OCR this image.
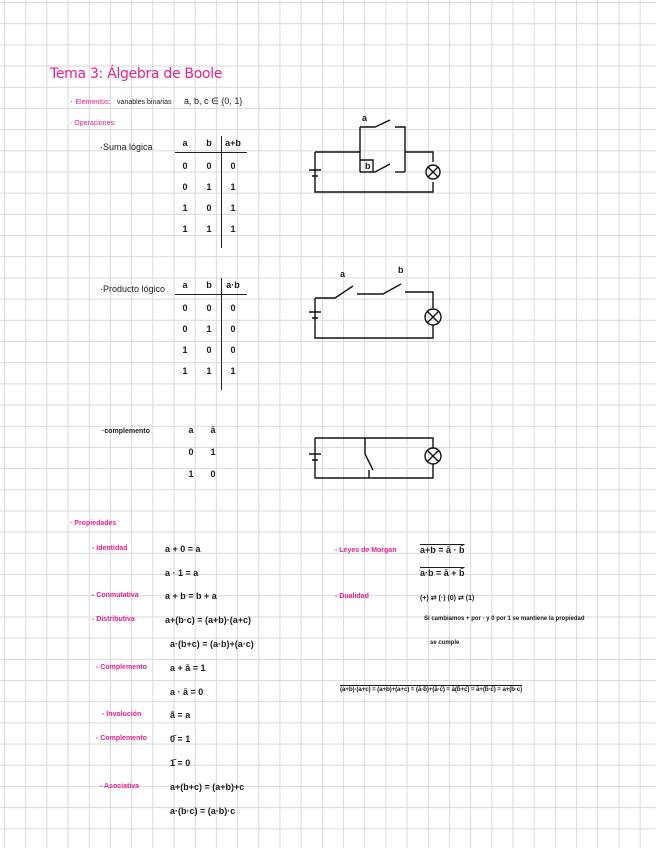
Tema 3: Álgebra de Boole
· Elementos: variables binarias a, b, c ∈ {0, 1}
· Operaciones:
·Suma lógica	a	b	a+b
0	0	0
0	1	1
1	0	1
1	1	1
a
b
·Producto lógico	a	b	a·b
0	0	0
0	1	0
1	0	0
1	1	1
a	b
·complemento	a	ā
0	1
1	0
· Propiedades
- Identidad	a + 0 = a
a · 1 = a
- Conmutativa	a + b = b + a
- Distributiva	a+(b·c) = (a+b)·(a+c)
a·(b+c) = (a·b)+(a·c)
- Complemento	a + ā = 1
a · ā = 0
- Involución	ā̄ = a
- Complemento	0̄ = 1
1̄ = 0
- Asociativa	a+(b+c) = (a+b)+c
a·(b·c) = (a·b)·c
- Leyes de Morgan	a+b = ā · b̄
a·b = ā + b̄
- Dualidad	(+) ⇄ (·) (0) ⇄ (1)
Si cambiamos + por · y 0 por 1 se mantiene la propiedad
se cumple
(a+b)·(a+c) = (a+b)+(a+c) = (ā·b̄)+(ā·c̄) = ā(b̄+c̄) = ā+(b̄·c̄) = a+(b·c)
